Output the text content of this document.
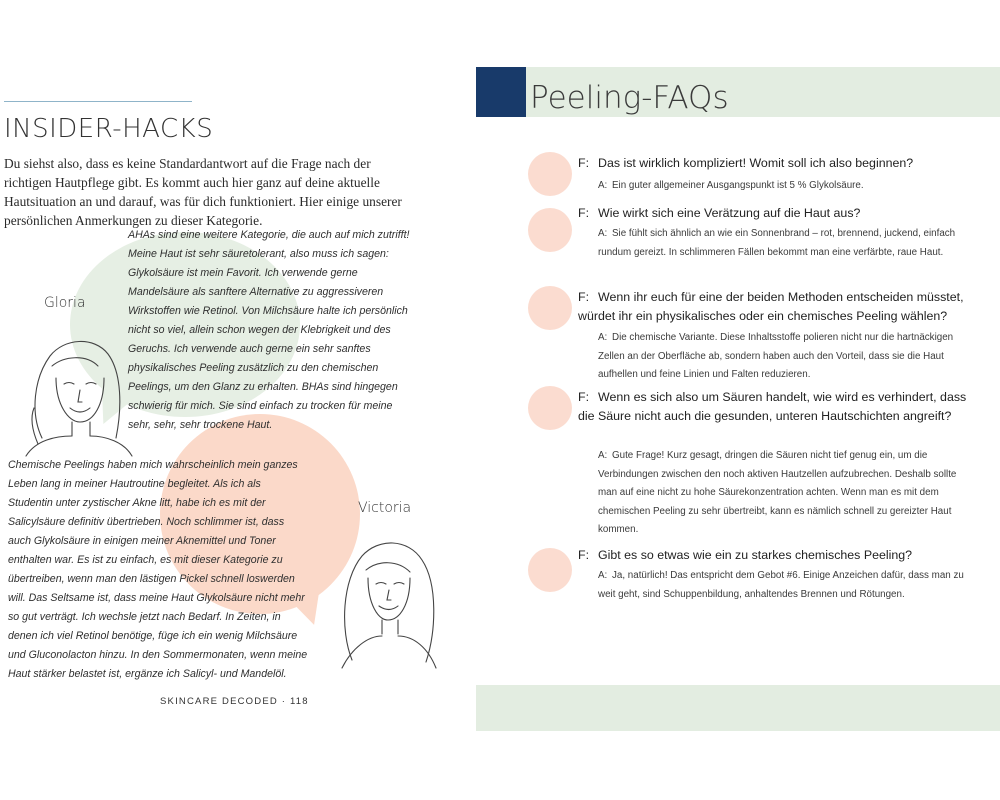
INSIDER-HACKS

Du siehst also, dass es keine Standardantwort auf die Frage nach der richtigen Hautpflege gibt. Es kommt auch hier ganz auf deine aktuelle Hautsituation an und darauf, was für dich funktioniert. Hier einige unserer persönlichen Anmerkungen zu dieser Kategorie.

AHAs sind eine weitere Kategorie, die auch auf mich zutrifft! Meine Haut ist sehr säuretolerant, also muss ich sagen: Glykolsäure ist mein Favorit. Ich verwende gerne Mandelsäure als sanftere Alternative zu aggressiveren Wirkstoffen wie Retinol. Von Milchsäure halte ich persönlich nicht so viel, allein schon wegen der Klebrigkeit und des Geruchs. Ich verwende auch gerne ein sehr sanftes physikalisches Peeling zusätzlich zu den chemischen Peelings, um den Glanz zu erhalten. BHAs sind hingegen schwierig für mich. Sie sind einfach zu trocken für meine sehr, sehr, sehr trockene Haut.

Gloria

Chemische Peelings haben mich wahrscheinlich mein ganzes Leben lang in meiner Hautroutine begleitet. Als ich als Studentin unter zystischer Akne litt, habe ich es mit der Salicylsäure definitiv übertrieben. Noch schlimmer ist, dass auch Glykolsäure in einigen meiner Aknemittel und Toner enthalten war. Es ist zu einfach, es mit dieser Kategorie zu übertreiben, wenn man den lästigen Pickel schnell loswerden will. Das Seltsame ist, dass meine Haut Glykolsäure nicht mehr so gut verträgt. Ich wechsle jetzt nach Bedarf. In Zeiten, in denen ich viel Retinol benötige, füge ich ein wenig Milchsäure und Gluconolacton hinzu. In den Sommermonaten, wenn meine Haut stärker belastet ist, ergänze ich Salicyl- und Mandelöl.

Victoria
SKINCARE DECODED · 118
Peeling-FAQs

F: Das ist wirklich kompliziert! Womit soll ich also beginnen?

A: Ein guter allgemeiner Ausgangspunkt ist 5 % Glykolsäure.

F: Wie wirkt sich eine Verätzung auf die Haut aus?

A: Sie fühlt sich ähnlich an wie ein Sonnenbrand – rot, brennend, juckend, einfach rundum gereizt. In schlimmeren Fällen bekommt man eine verfärbte, raue Haut.

F: Wenn ihr euch für eine der beiden Methoden entscheiden müsstet, würdet ihr ein physikalisches oder ein chemisches Peeling wählen?

A: Die chemische Variante. Diese Inhaltsstoffe polieren nicht nur die hartnäckigen Zellen an der Oberfläche ab, sondern haben auch den Vorteil, dass sie die Haut aufhellen und feine Linien und Falten reduzieren.

F: Wenn es sich also um Säuren handelt, wie wird es verhindert, dass die Säure nicht auch die gesunden, unteren Hautschichten angreift?

A: Gute Frage! Kurz gesagt, dringen die Säuren nicht tief genug ein, um die Verbindungen zwischen den noch aktiven Hautzellen aufzubrechen. Deshalb sollte man auf eine nicht zu hohe Säurekonzentration achten. Wenn man es mit dem chemischen Peeling zu sehr übertreibt, kann es nämlich schnell zu gereizter Haut kommen.

F: Gibt es so etwas wie ein zu starkes chemisches Peeling?

A: Ja, natürlich! Das entspricht dem Gebot #6. Einige Anzeichen dafür, dass man zu weit geht, sind Schuppenbildung, anhaltendes Brennen und Rötungen.
